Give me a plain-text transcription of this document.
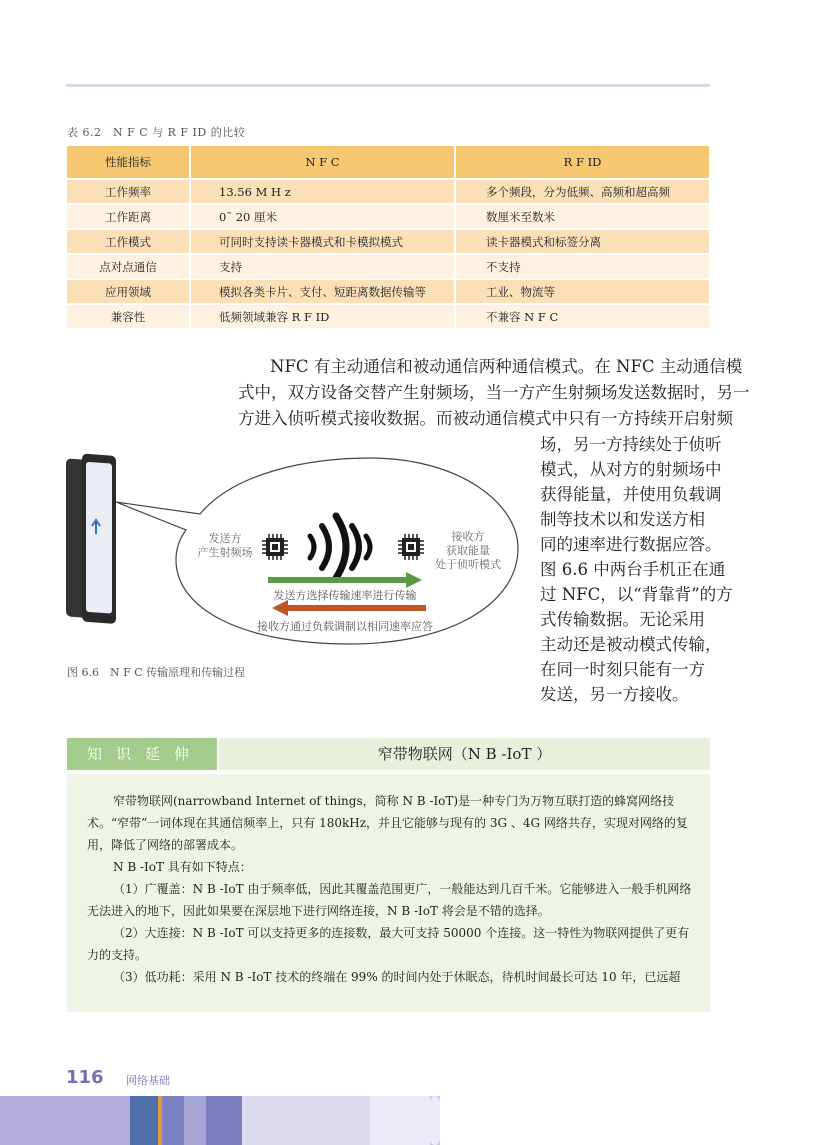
表 6.2　N F C 与 R F ID 的比较
性能指标	N F C	R F ID
工作频率	13.56 M H z	多个频段，分为低频、高频和超高频
工作距离	0˜ 20 厘米	数厘米至数米
工作模式	可同时支持读卡器模式和卡模拟模式	读卡器模式和标签分离
点对点通信	支持	不支持
应用领域	模拟各类卡片、支付、短距离数据传输等	工业、物流等
兼容性	低频领域兼容 R F ID	不兼容 N F C
NFC 有主动通信和被动通信两种通信模式。在 NFC 主动通信模
式中，双方设备交替产生射频场，当一方产生射频场发送数据时，另一
方进入侦听模式接收数据。而被动通信模式中只有一方持续开启射频
场，另一方持续处于侦听
模式，从对方的射频场中
获得能量，并使用负载调
制等技术以和发送方相
同的速率进行数据应答。
图 6.6 中两台手机正在通
过 NFC，以“背靠背”的方
式传输数据。无论采用
主动还是被动模式传输，
在同一时刻只能有一方
发送，另一方接收。
发送方
产生射频场
接收方
获取能量
处于侦听模式
发送方选择传输速率进行传输
接收方通过负载调制以相同速率应答
图 6.6　N F C 传输原理和传输过程
知识延伸	窄带物联网（N B -IoT ）

窄带物联网(narrowband Internet of things，简称 N B -IoT)是一种专门为万物互联打造的蜂窝网络技术。“窄带”一词体现在其通信频率上，只有 180kHz，并且它能够与现有的 3G 、4G 网络共存，实现对网络的复用，降低了网络的部署成本。

N B -IoT 具有如下特点：

（1）广覆盖：N B -IoT 由于频率低，因此其覆盖范围更广，一般能达到几百千米。它能够进入一般手机网络无法进入的地下，因此如果要在深层地下进行网络连接，N B -IoT 将会是不错的选择。

（2）大连接：N B -IoT 可以支持更多的连接数，最大可支持 50000 个连接。这一特性为物联网提供了更有力的支持。

（3）低功耗：采用 N B -IoT 技术的终端在 99% 的时间内处于休眠态，待机时间最长可达 10 年，已远超

116 网络基础
